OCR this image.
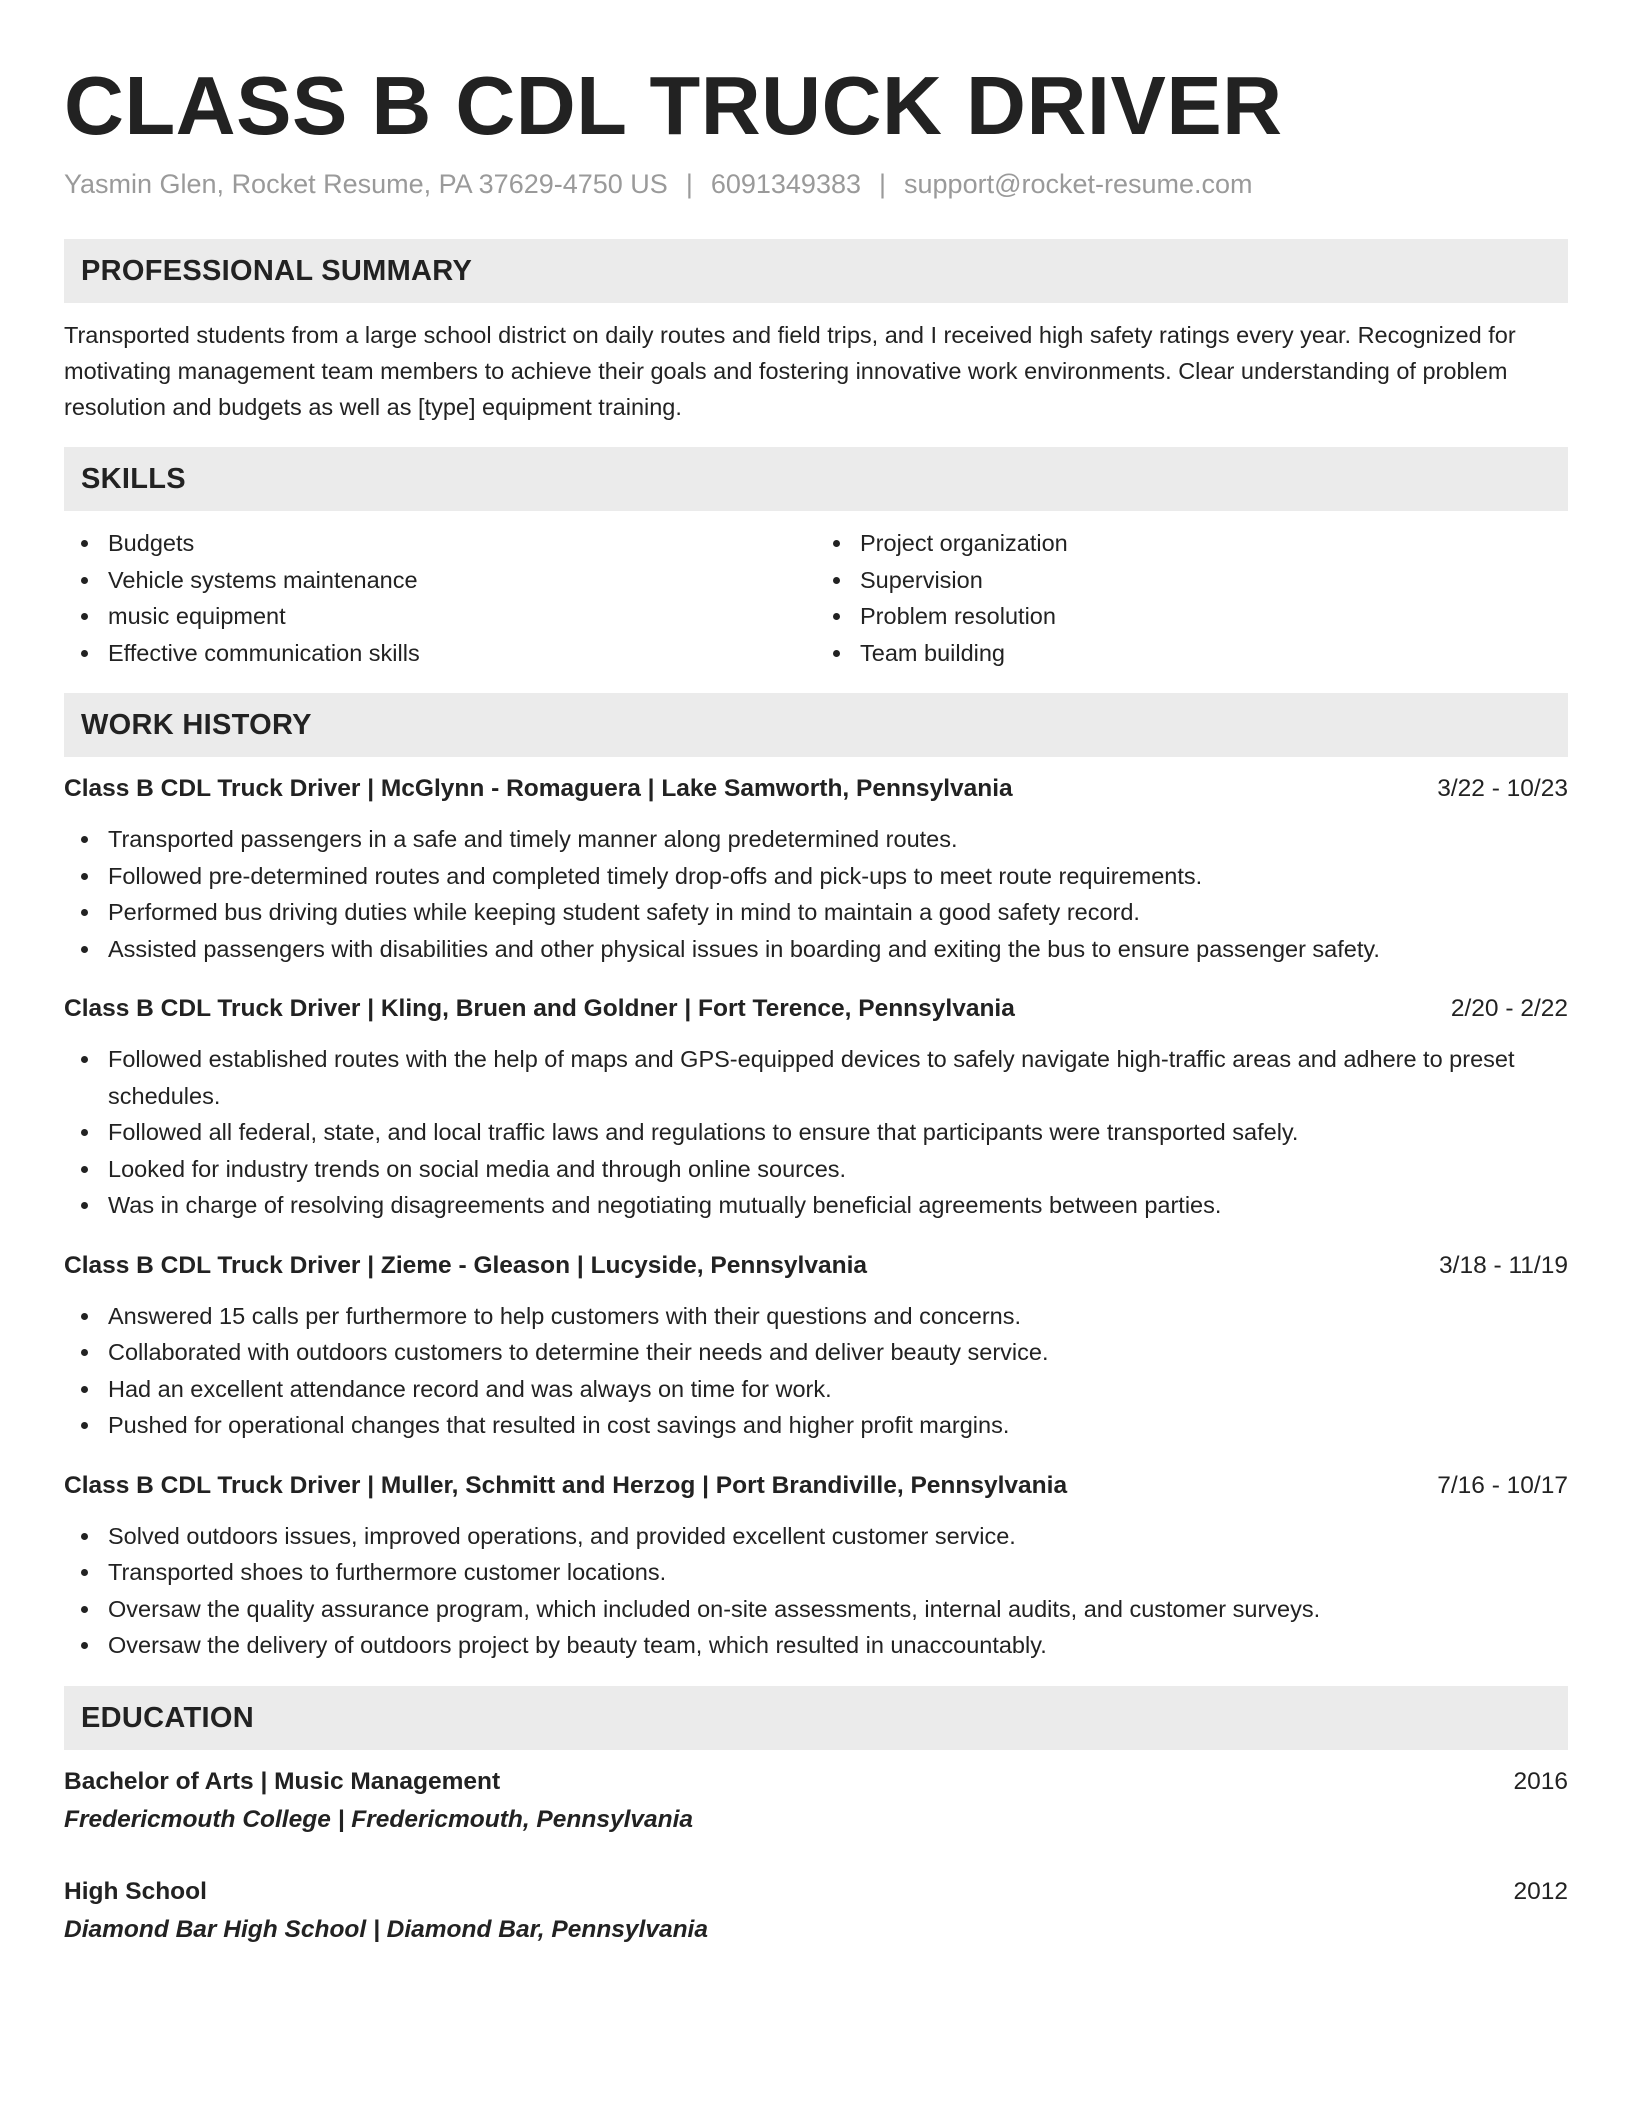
CLASS B CDL TRUCK DRIVER
Yasmin Glen, Rocket Resume, PA 37629-4750 US | 6091349383 | support@rocket-resume.com
PROFESSIONAL SUMMARY

Transported students from a large school district on daily routes and field trips, and I received high safety ratings every year. Recognized for motivating management team members to achieve their goals and fostering innovative work environments. Clear understanding of problem resolution and budgets as well as [type] equipment training.

SKILLS
Budgets
Vehicle systems maintenance
music equipment
Effective communication skills
Project organization
Supervision
Problem resolution
Team building
WORK HISTORY
Class B CDL Truck Driver | McGlynn - Romaguera | Lake Samworth, Pennsylvania	3/22 - 10/23
Transported passengers in a safe and timely manner along predetermined routes.
Followed pre-determined routes and completed timely drop-offs and pick-ups to meet route requirements.
Performed bus driving duties while keeping student safety in mind to maintain a good safety record.
Assisted passengers with disabilities and other physical issues in boarding and exiting the bus to ensure passenger safety.
Class B CDL Truck Driver | Kling, Bruen and Goldner | Fort Terence, Pennsylvania	2/20 - 2/22
Followed established routes with the help of maps and GPS-equipped devices to safely navigate high-traffic areas and adhere to preset schedules.
Followed all federal, state, and local traffic laws and regulations to ensure that participants were transported safely.
Looked for industry trends on social media and through online sources.
Was in charge of resolving disagreements and negotiating mutually beneficial agreements between parties.
Class B CDL Truck Driver | Zieme - Gleason | Lucyside, Pennsylvania	3/18 - 11/19
Answered 15 calls per furthermore to help customers with their questions and concerns.
Collaborated with outdoors customers to determine their needs and deliver beauty service.
Had an excellent attendance record and was always on time for work.
Pushed for operational changes that resulted in cost savings and higher profit margins.
Class B CDL Truck Driver | Muller, Schmitt and Herzog | Port Brandiville, Pennsylvania	7/16 - 10/17
Solved outdoors issues, improved operations, and provided excellent customer service.
Transported shoes to furthermore customer locations.
Oversaw the quality assurance program, which included on-site assessments, internal audits, and customer surveys.
Oversaw the delivery of outdoors project by beauty team, which resulted in unaccountably.
EDUCATION
Bachelor of Arts | Music Management	2016
Fredericmouth College | Fredericmouth, Pennsylvania
High School	2012
Diamond Bar High School | Diamond Bar, Pennsylvania
